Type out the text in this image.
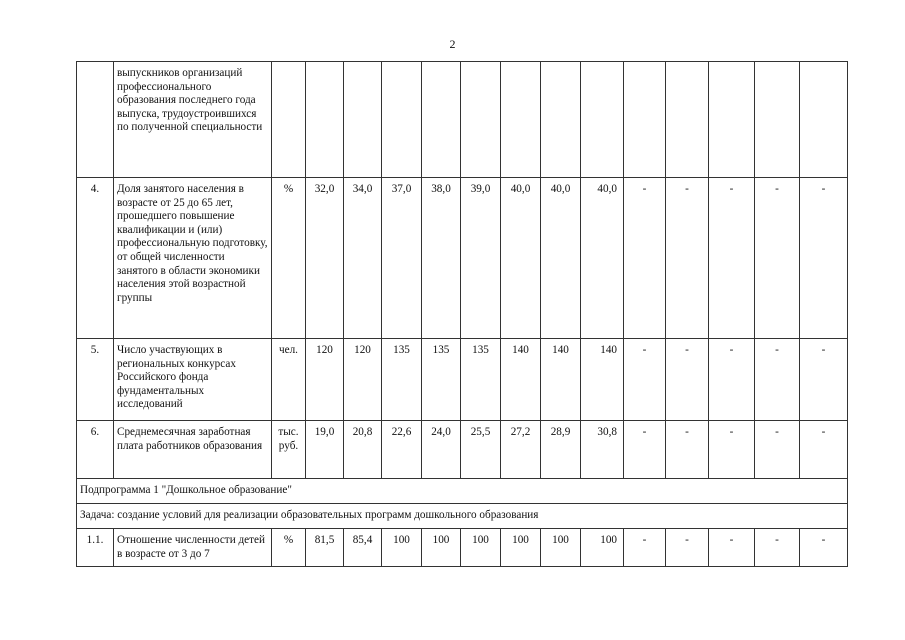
2
	выпускников организаций профессионального образования последнего года выпуска, трудоустроившихся по полученной специальности														
4.	Доля занятого населения в возрасте от 25 до 65 лет, прошедшего повышение квалификации и (или) профессиональную подготовку, от общей численности занятого в области экономики населения этой возрастной группы	%	32,0	34,0	37,0	38,0	39,0	40,0	40,0	40,0	-	-	-	-	-
5.	Число участвующих в региональных конкурсах Российского фонда фундаментальных исследований	чел.	120	120	135	135	135	140	140	140	-	-	-	-	-
6.	Среднемесячная заработная плата работников образования	тыс. руб.	19,0	20,8	22,6	24,0	25,5	27,2	28,9	30,8	-	-	-	-	-
Подпрограмма 1 "Дошкольное образование"															
Задача: создание условий для реализации образовательных программ дошкольного образования															
1.1.	Отношение численности детей в возрасте от 3 до 7	%	81,5	85,4	100	100	100	100	100	100	-	-	-	-	-
